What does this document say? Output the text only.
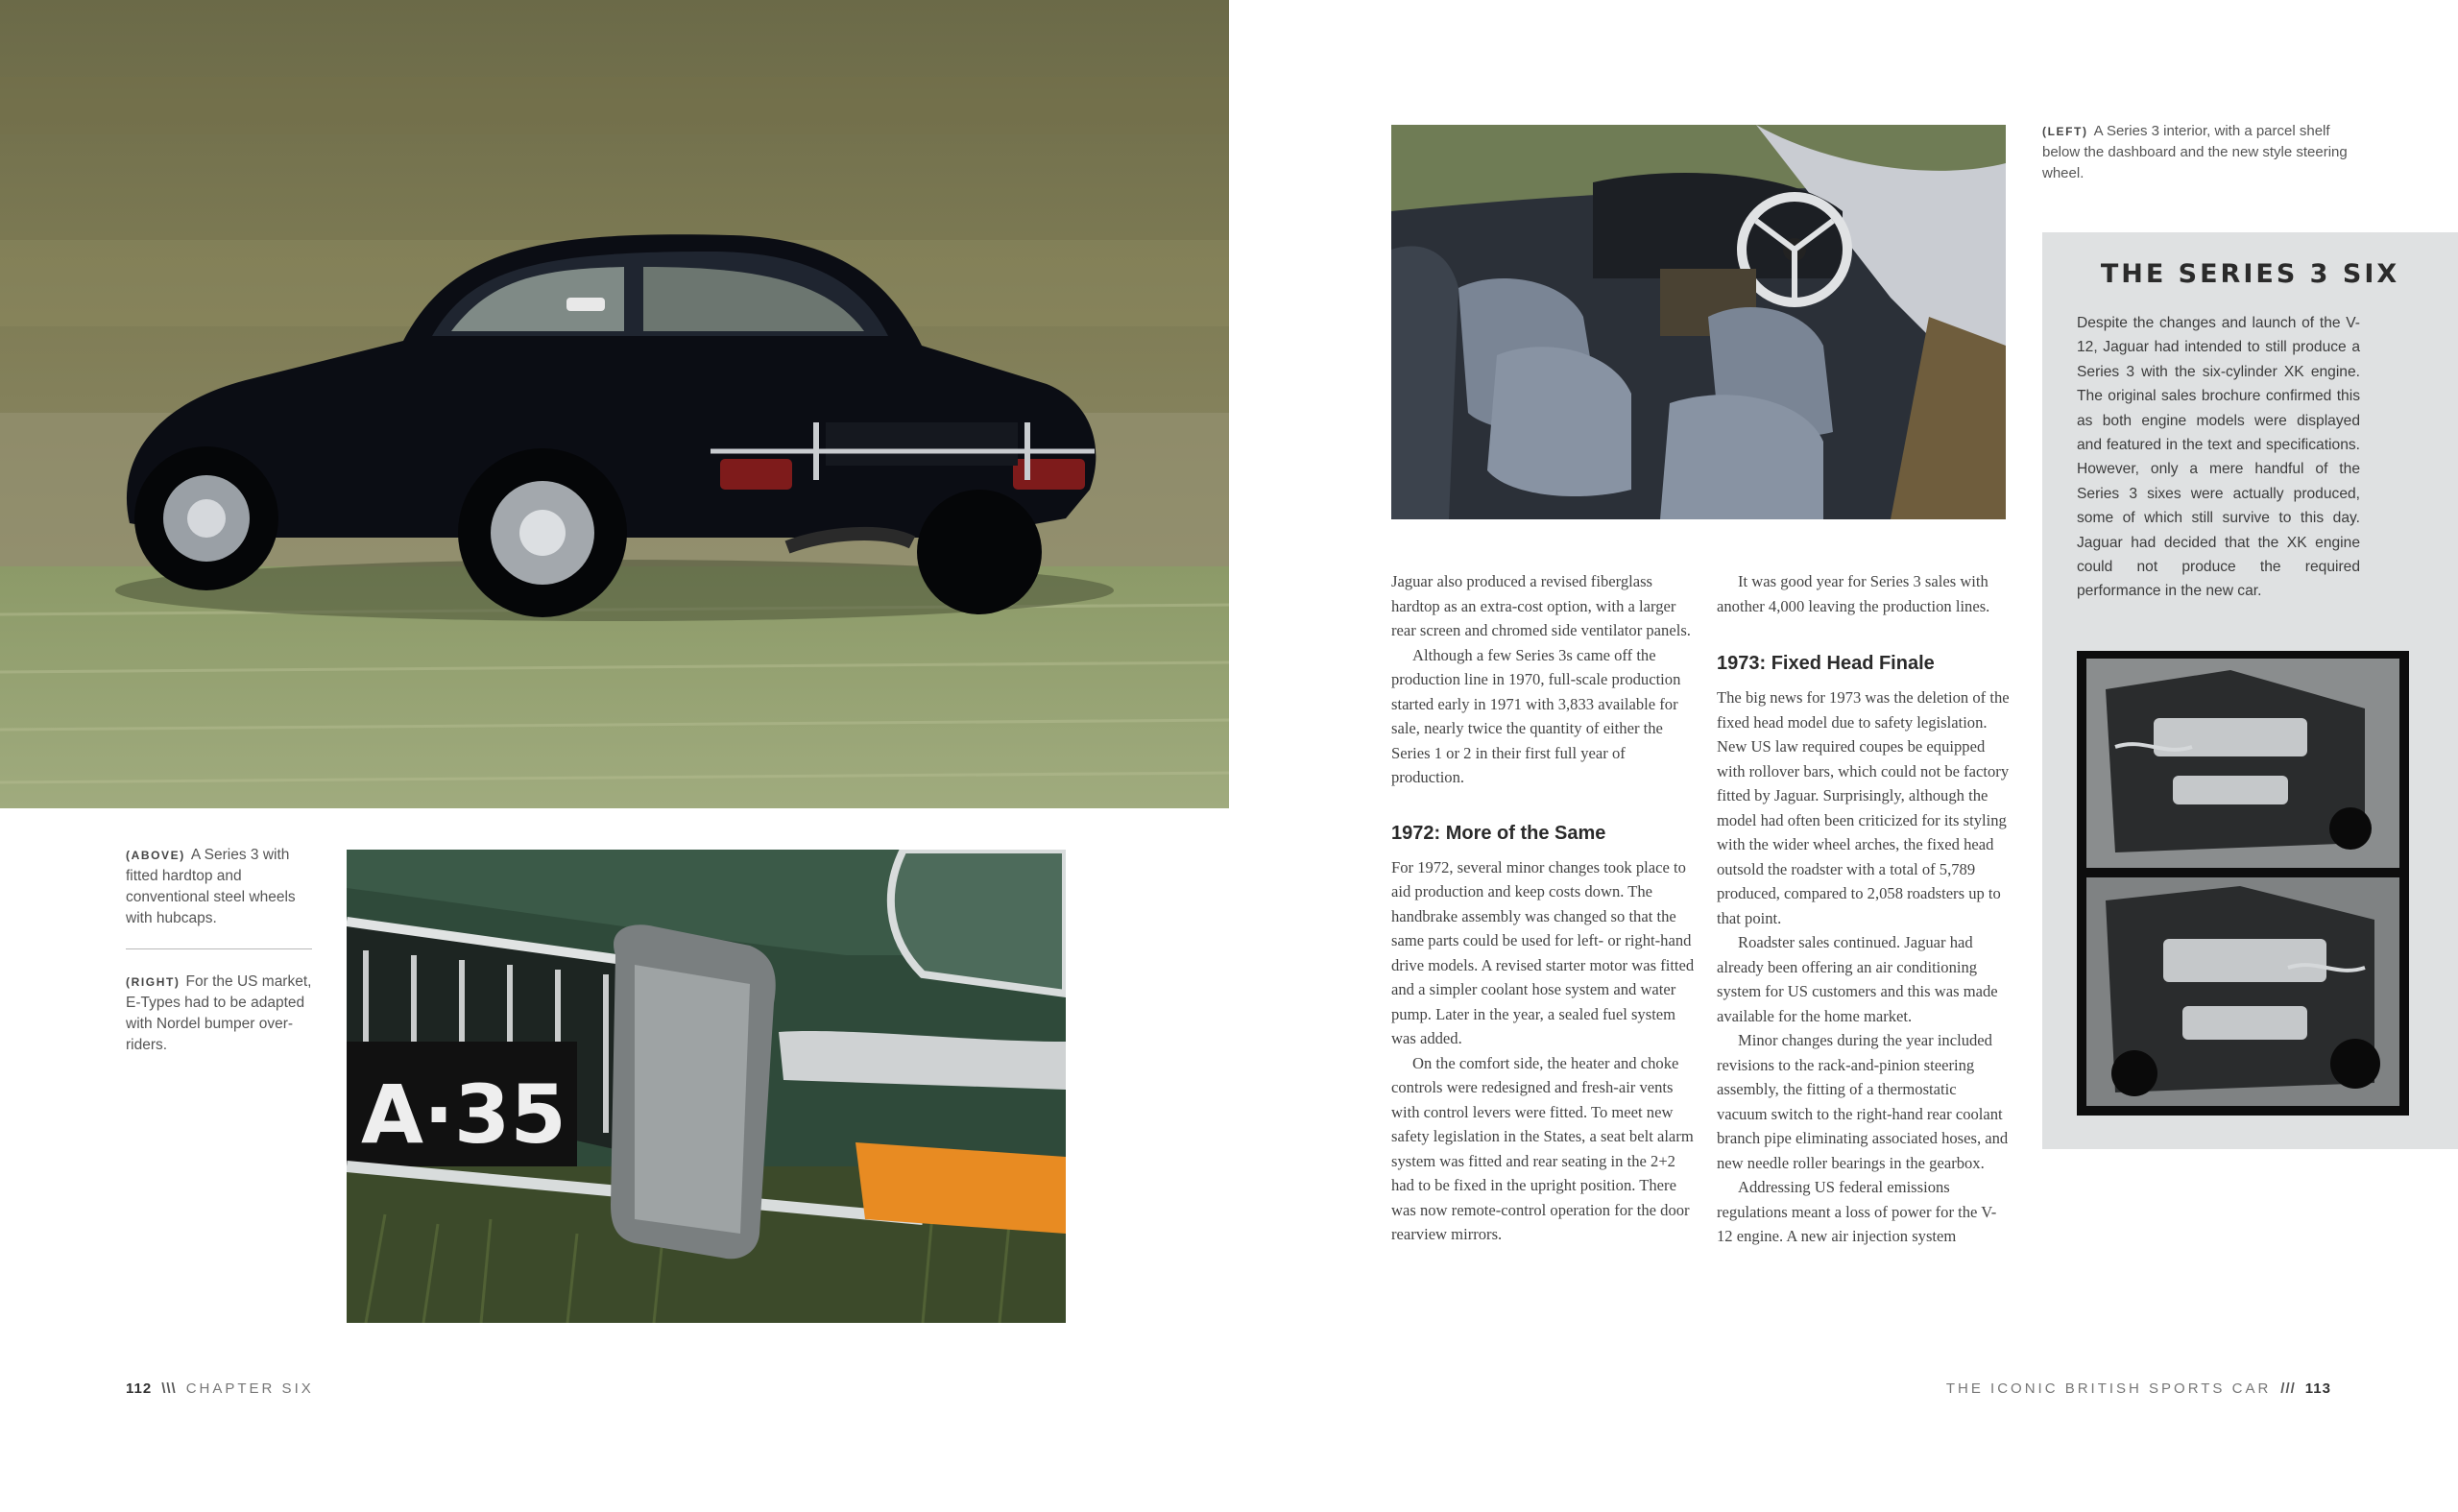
(ABOVE) A Series 3 with fitted hardtop and conventional steel wheels with hubcaps.
(RIGHT) For the US market, E-Types had to be adapted with Nordel bumper over-riders.
A·35
(LEFT) A Series 3 interior, with a parcel shelf below the dashboard and the new style steering wheel.

Jaguar also produced a revised fiberglass hardtop as an extra-cost option, with a larger rear screen and chromed side ventilator panels.

Although a few Series 3s came off the production line in 1970, full-scale production started early in 1971 with 3,833 available for sale, nearly twice the quantity of either the Series 1 or 2 in their first full year of production.

1972: More of the Same

For 1972, several minor changes took place to aid production and keep costs down. The handbrake assembly was changed so that the same parts could be used for left- or right-hand drive models. A revised starter motor was fitted and a simpler coolant hose system and water pump. Later in the year, a sealed fuel system was added.

On the comfort side, the heater and choke controls were redesigned and fresh-air vents with control levers were fitted. To meet new safety legislation in the States, a seat belt alarm system was fitted and rear seating in the 2+2 had to be fixed in the upright position. There was now remote-control operation for the door rearview mirrors.

It was good year for Series 3 sales with another 4,000 leaving the production lines.

1973: Fixed Head Finale

The big news for 1973 was the deletion of the fixed head model due to safety legislation. New US law required coupes be equipped with rollover bars, which could not be factory fitted by Jaguar. Surprisingly, although the model had often been criticized for its styling with the wider wheel arches, the fixed head outsold the roadster with a total of 5,789 produced, compared to 2,058 roadsters up to that point.

Roadster sales continued. Jaguar had already been offering an air conditioning system for US customers and this was made available for the home market.

Minor changes during the year included revisions to the rack-and-pinion steering assembly, the fitting of a thermostatic vacuum switch to the right-hand rear coolant branch pipe eliminating associated hoses, and new needle roller bearings in the gearbox.

Addressing US federal emissions regulations meant a loss of power for the V-12 engine. A new air injection system

THE SERIES 3 SIX

Despite the changes and launch of the V-12, Jaguar had intended to still produce a Series 3 with the six-cylinder XK engine. The original sales brochure confirmed this as both engine models were displayed and featured in the text and specifications. However, only a mere handful of the Series 3 sixes were actually produced, some of which still survive to this day. Jaguar had decided that the XK engine could not produce the required performance in the new car.

112 \\\ CHAPTER SIX	THE ICONIC BRITISH SPORTS CAR /// 113
